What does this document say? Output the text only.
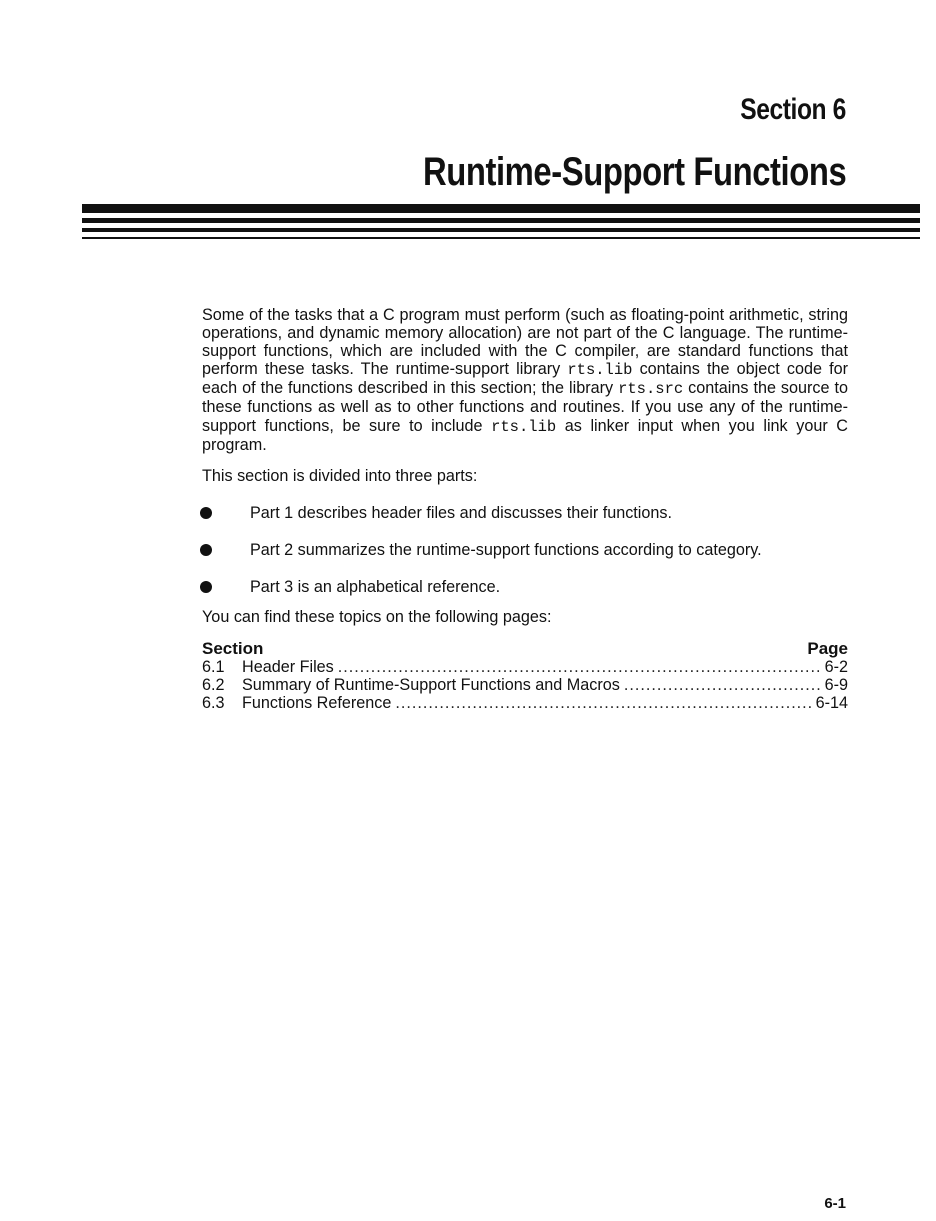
Section 6
Runtime-Support Functions

Some of the tasks that a C program must perform (such as floating-point arithmetic, string operations, and dynamic memory allocation) are not part of the C language. The runtime-support functions, which are included with the C compiler, are standard functions that perform these tasks. The runtime-support library rts.lib contains the object code for each of the functions described in this section; the library rts.src contains the source to these functions as well as to other functions and routines. If you use any of the runtime-support functions, be sure to include rts.lib as linker input when you link your C program.

This section is divided into three parts:

Part 1 describes header files and discusses their functions.
Part 2 summarizes the runtime-support functions according to category.
Part 3 is an alphabetical reference.

You can find these topics on the following pages:

Section	Page
6.1	Header Files .....	6-2
6.2	Summary of Runtime-Support Functions and Macros .....	6-9
6.3	Functions Reference .....	6-14
6-1
